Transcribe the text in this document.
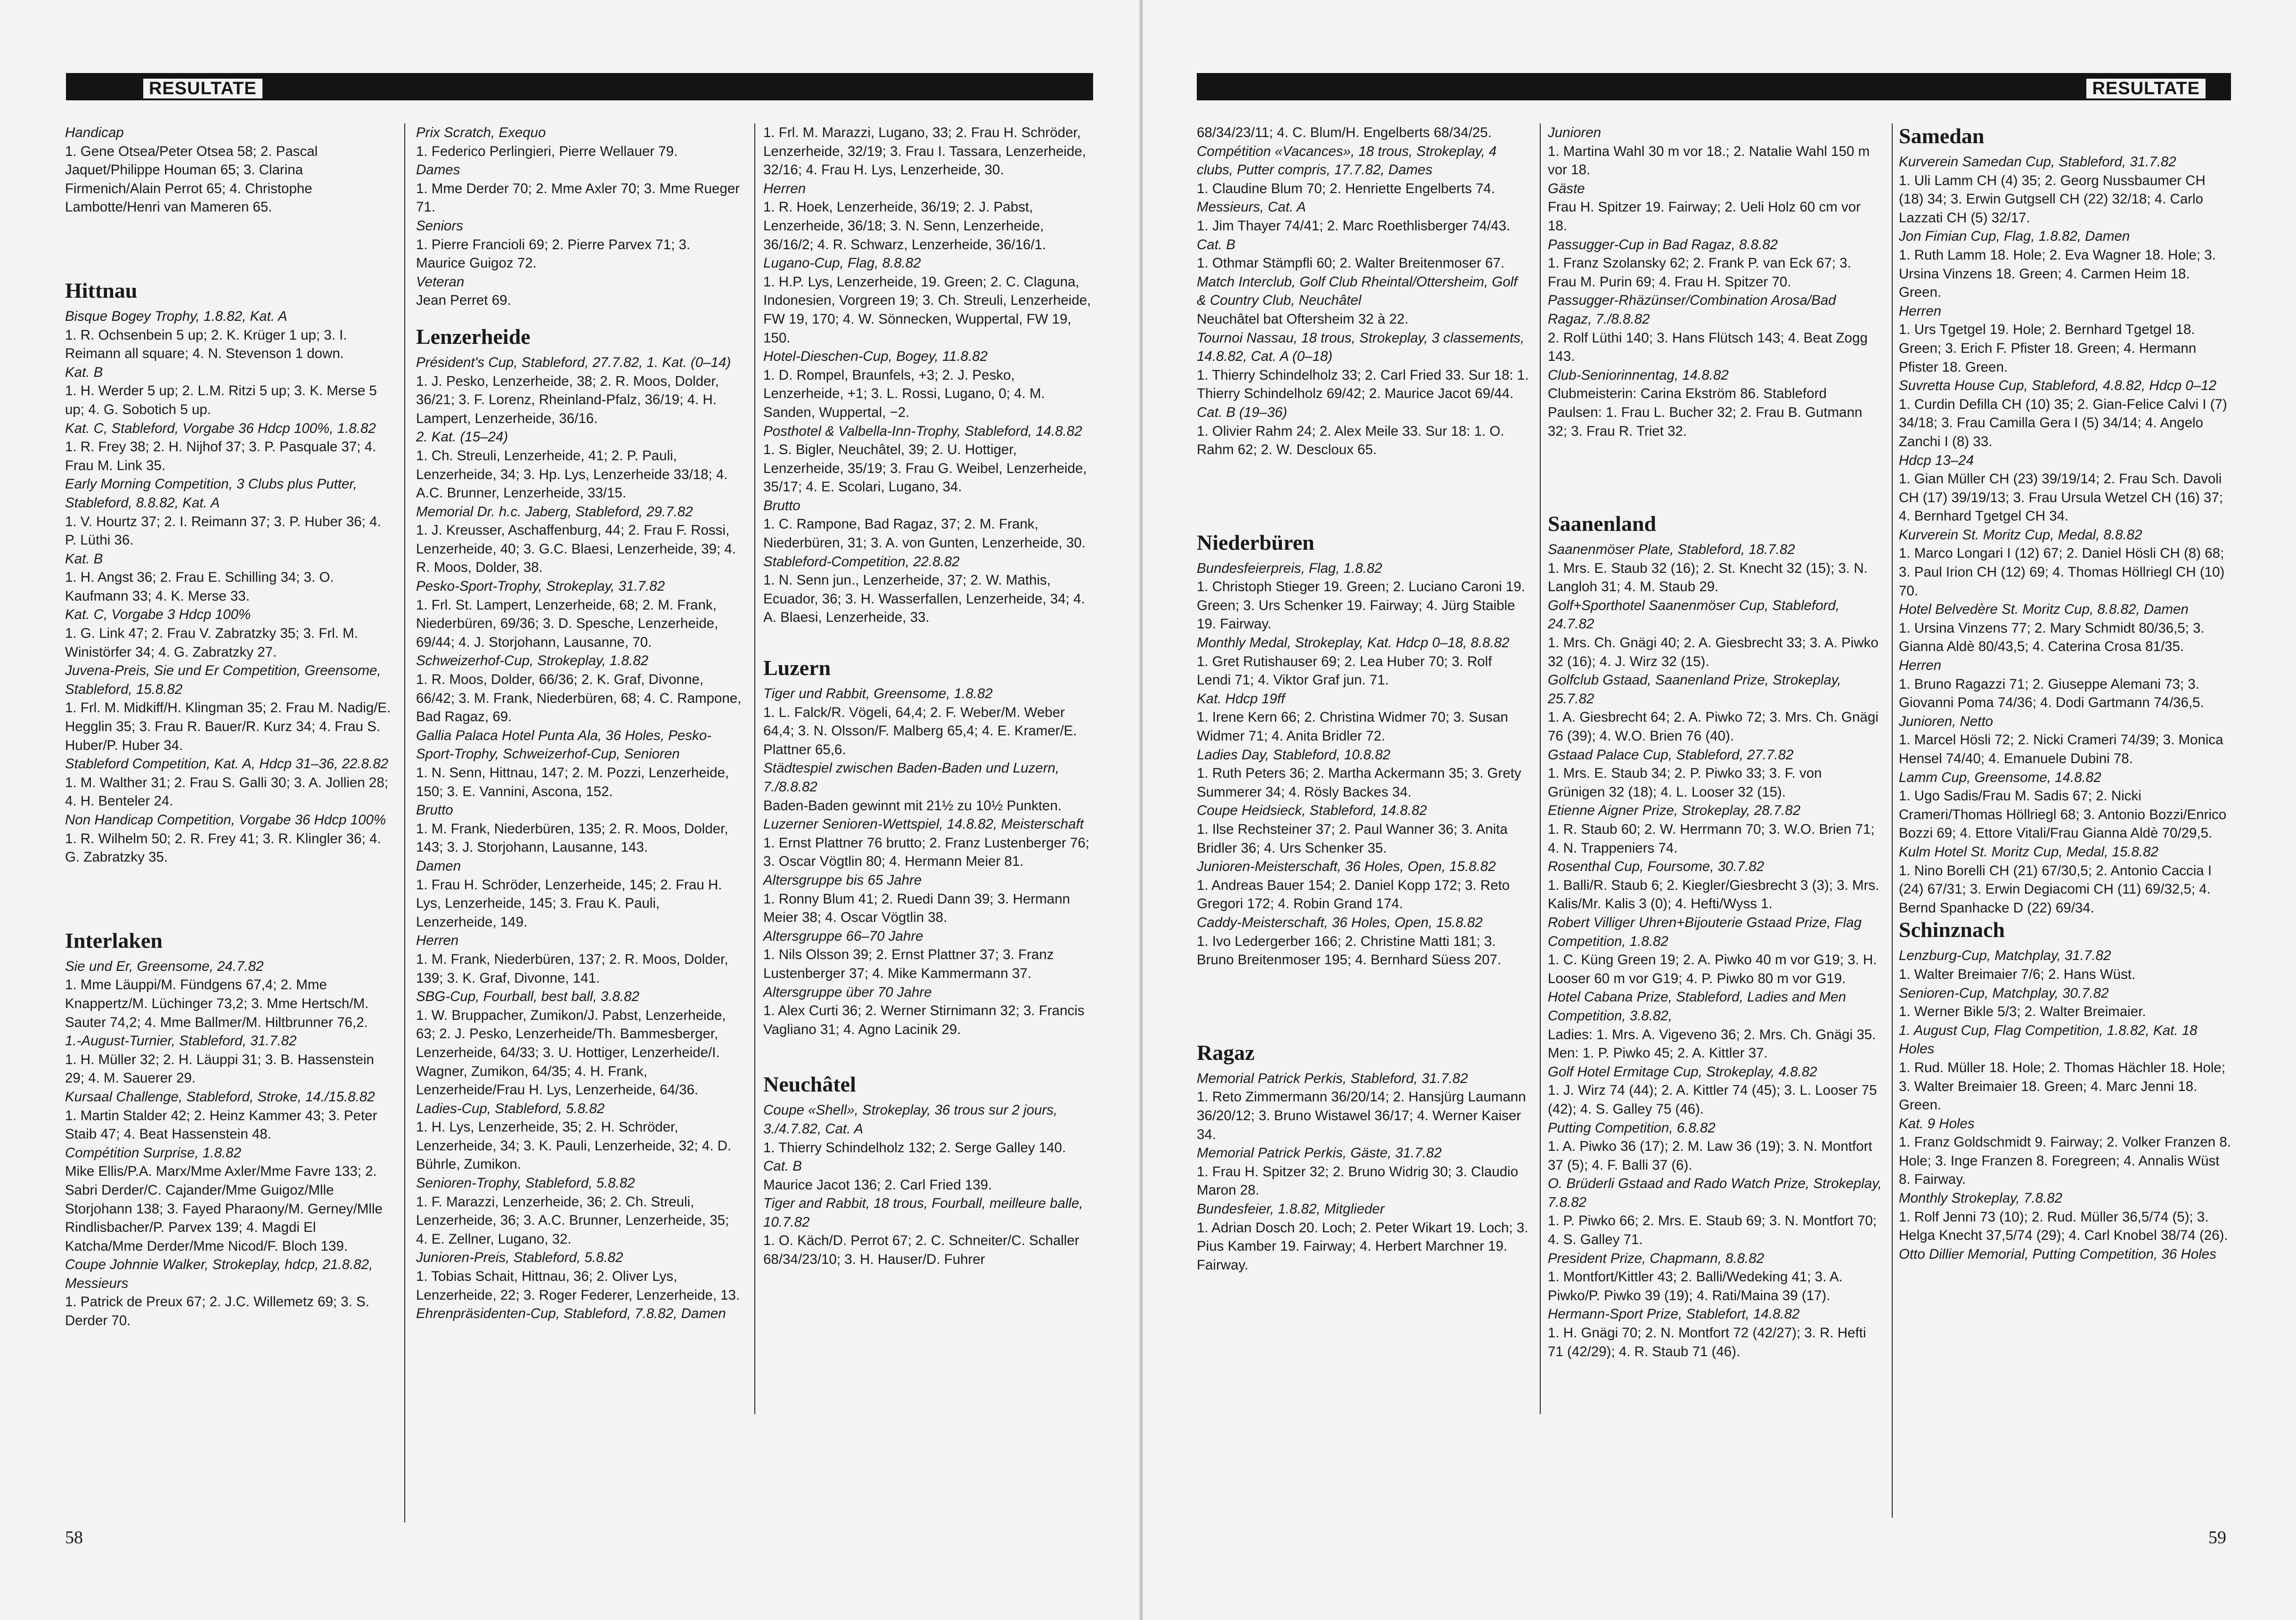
RESULTATE
Handicap
1. Gene Otsea/Peter Otsea 58; 2. Pascal Jaquet/Philippe Houman 65; 3. Clarina Firmenich/Alain Perrot 65; 4. Christophe Lambotte/Henri van Mameren 65.
Hittnau
Bisque Bogey Trophy, 1.8.82, Kat. A
1. R. Ochsenbein 5 up; 2. K. Krüger 1 up; 3. I. Reimann all square; 4. N. Stevenson 1 down.
Kat. B
1. H. Werder 5 up; 2. L.M. Ritzi 5 up; 3. K. Merse 5 up; 4. G. Sobotich 5 up.
Kat. C, Stableford, Vorgabe 36 Hdcp 100%, 1.8.82
1. R. Frey 38; 2. H. Nijhof 37; 3. P. Pasquale 37; 4. Frau M. Link 35.
Early Morning Competition, 3 Clubs plus Putter, Stableford, 8.8.82, Kat. A
1. V. Hourtz 37; 2. I. Reimann 37; 3. P. Huber 36; 4. P. Lüthi 36.
Kat. B
1. H. Angst 36; 2. Frau E. Schilling 34; 3. O. Kaufmann 33; 4. K. Merse 33.
Kat. C, Vorgabe 3 Hdcp 100%
1. G. Link 47; 2. Frau V. Zabratzky 35; 3. Frl. M. Winistörfer 34; 4. G. Zabratzky 27.
Juvena-Preis, Sie und Er Competition, Greensome, Stableford, 15.8.82
1. Frl. M. Midkiff/H. Klingman 35; 2. Frau M. Nadig/E. Hegglin 35; 3. Frau R. Bauer/R. Kurz 34; 4. Frau S. Huber/P. Huber 34.
Stableford Competition, Kat. A, Hdcp 31–36, 22.8.82
1. M. Walther 31; 2. Frau S. Galli 30; 3. A. Jollien 28; 4. H. Benteler 24.
Non Handicap Competition, Vorgabe 36 Hdcp 100%
1. R. Wilhelm 50; 2. R. Frey 41; 3. R. Klingler 36; 4. G. Zabratzky 35.
Interlaken
Sie und Er, Greensome, 24.7.82
1. Mme Läuppi/M. Fündgens 67,4; 2. Mme Knappertz/M. Lüchinger 73,2; 3. Mme Hertsch/M. Sauter 74,2; 4. Mme Ballmer/M. Hiltbrunner 76,2.
1.-August-Turnier, Stableford, 31.7.82
1. H. Müller 32; 2. H. Läuppi 31; 3. B. Hassenstein 29; 4. M. Sauerer 29.
Kursaal Challenge, Stableford, Stroke, 14./15.8.82
1. Martin Stalder 42; 2. Heinz Kammer 43; 3. Peter Staib 47; 4. Beat Hassenstein 48.
Compétition Surprise, 1.8.82
Mike Ellis/P.A. Marx/Mme Axler/Mme Favre 133; 2. Sabri Derder/C. Cajander/Mme Guigoz/Mlle Storjohann 138; 3. Fayed Pharaony/M. Gerney/Mlle Rindlisbacher/P. Parvex 139; 4. Magdi El Katcha/Mme Derder/Mme Nicod/F. Bloch 139.
Coupe Johnnie Walker, Strokeplay, hdcp, 21.8.82, Messieurs
1. Patrick de Preux 67; 2. J.C. Willemetz 69; 3. S. Derder 70.
Prix Scratch, Exequo
1. Federico Perlingieri, Pierre Wellauer 79.
Dames
1. Mme Derder 70; 2. Mme Axler 70; 3. Mme Rueger 71.
Seniors
1. Pierre Francioli 69; 2. Pierre Parvex 71; 3. Maurice Guigoz 72.
Veteran
Jean Perret 69.
Lenzerheide
Président's Cup, Stableford, 27.7.82, 1. Kat. (0–14)
1. J. Pesko, Lenzerheide, 38; 2. R. Moos, Dolder, 36/21; 3. F. Lorenz, Rheinland-Pfalz, 36/19; 4. H. Lampert, Lenzerheide, 36/16.
2. Kat. (15–24)
1. Ch. Streuli, Lenzerheide, 41; 2. P. Pauli, Lenzerheide, 34; 3. Hp. Lys, Lenzerheide 33/18; 4. A.C. Brunner, Lenzerheide, 33/15.
Memorial Dr. h.c. Jaberg, Stableford, 29.7.82
1. J. Kreusser, Aschaffenburg, 44; 2. Frau F. Rossi, Lenzerheide, 40; 3. G.C. Blaesi, Lenzerheide, 39; 4. R. Moos, Dolder, 38.
Pesko-Sport-Trophy, Strokeplay, 31.7.82
1. Frl. St. Lampert, Lenzerheide, 68; 2. M. Frank, Niederbüren, 69/36; 3. D. Spesche, Lenzerheide, 69/44; 4. J. Storjohann, Lausanne, 70.
Schweizerhof-Cup, Strokeplay, 1.8.82
1. R. Moos, Dolder, 66/36; 2. K. Graf, Divonne, 66/42; 3. M. Frank, Niederbüren, 68; 4. C. Rampone, Bad Ragaz, 69.
Gallia Palaca Hotel Punta Ala, 36 Holes, Pesko-Sport-Trophy, Schweizerhof-Cup, Senioren
1. N. Senn, Hittnau, 147; 2. M. Pozzi, Lenzerheide, 150; 3. E. Vannini, Ascona, 152.
Brutto
1. M. Frank, Niederbüren, 135; 2. R. Moos, Dolder, 143; 3. J. Storjohann, Lausanne, 143.
Damen
1. Frau H. Schröder, Lenzerheide, 145; 2. Frau H. Lys, Lenzerheide, 145; 3. Frau K. Pauli, Lenzerheide, 149.
Herren
1. M. Frank, Niederbüren, 137; 2. R. Moos, Dolder, 139; 3. K. Graf, Divonne, 141.
SBG-Cup, Fourball, best ball, 3.8.82
1. W. Bruppacher, Zumikon/J. Pabst, Lenzerheide, 63; 2. J. Pesko, Lenzerheide/Th. Bammesberger, Lenzerheide, 64/33; 3. U. Hottiger, Lenzerheide/I. Wagner, Zumikon, 64/35; 4. H. Frank, Lenzerheide/Frau H. Lys, Lenzerheide, 64/36.
Ladies-Cup, Stableford, 5.8.82
1. H. Lys, Lenzerheide, 35; 2. H. Schröder, Lenzerheide, 34; 3. K. Pauli, Lenzerheide, 32; 4. D. Bührle, Zumikon.
Senioren-Trophy, Stableford, 5.8.82
1. F. Marazzi, Lenzerheide, 36; 2. Ch. Streuli, Lenzerheide, 36; 3. A.C. Brunner, Lenzerheide, 35; 4. E. Zellner, Lugano, 32.
Junioren-Preis, Stableford, 5.8.82
1. Tobias Schait, Hittnau, 36; 2. Oliver Lys, Lenzerheide, 22; 3. Roger Federer, Lenzerheide, 13.
Ehrenpräsidenten-Cup, Stableford, 7.8.82, Damen
1. Frl. M. Marazzi, Lugano, 33; 2. Frau H. Schröder, Lenzerheide, 32/19; 3. Frau I. Tassara, Lenzerheide, 32/16; 4. Frau H. Lys, Lenzerheide, 30.
Herren
1. R. Hoek, Lenzerheide, 36/19; 2. J. Pabst, Lenzerheide, 36/18; 3. N. Senn, Lenzerheide, 36/16/2; 4. R. Schwarz, Lenzerheide, 36/16/1.
Lugano-Cup, Flag, 8.8.82
1. H.P. Lys, Lenzerheide, 19. Green; 2. C. Claguna, Indonesien, Vorgreen 19; 3. Ch. Streuli, Lenzerheide, FW 19, 170; 4. W. Sönnecken, Wuppertal, FW 19, 150.
Hotel-Dieschen-Cup, Bogey, 11.8.82
1. D. Rompel, Braunfels, +3; 2. J. Pesko, Lenzerheide, +1; 3. L. Rossi, Lugano, 0; 4. M. Sanden, Wuppertal, −2.
Posthotel & Valbella-Inn-Trophy, Stableford, 14.8.82
1. S. Bigler, Neuchâtel, 39; 2. U. Hottiger, Lenzerheide, 35/19; 3. Frau G. Weibel, Lenzerheide, 35/17; 4. E. Scolari, Lugano, 34.
Brutto
1. C. Rampone, Bad Ragaz, 37; 2. M. Frank, Niederbüren, 31; 3. A. von Gunten, Lenzerheide, 30.
Stableford-Competition, 22.8.82
1. N. Senn jun., Lenzerheide, 37; 2. W. Mathis, Ecuador, 36; 3. H. Wasserfallen, Lenzerheide, 34; 4. A. Blaesi, Lenzerheide, 33.
Luzern
Tiger und Rabbit, Greensome, 1.8.82
1. L. Falck/R. Vögeli, 64,4; 2. F. Weber/M. Weber 64,4; 3. N. Olsson/F. Malberg 65,4; 4. E. Kramer/E. Plattner 65,6.
Städtespiel zwischen Baden-Baden und Luzern, 7./8.8.82
Baden-Baden gewinnt mit 21½ zu 10½ Punkten.
Luzerner Senioren-Wettspiel, 14.8.82, Meisterschaft
1. Ernst Plattner 76 brutto; 2. Franz Lustenberger 76; 3. Oscar Vögtlin 80; 4. Hermann Meier 81.
Altersgruppe bis 65 Jahre
1. Ronny Blum 41; 2. Ruedi Dann 39; 3. Hermann Meier 38; 4. Oscar Vögtlin 38.
Altersgruppe 66–70 Jahre
1. Nils Olsson 39; 2. Ernst Plattner 37; 3. Franz Lustenberger 37; 4. Mike Kammermann 37.
Altersgruppe über 70 Jahre
1. Alex Curti 36; 2. Werner Stirnimann 32; 3. Francis Vagliano 31; 4. Agno Lacinik 29.
Neuchâtel
Coupe «Shell», Strokeplay, 36 trous sur 2 jours, 3./4.7.82, Cat. A
1. Thierry Schindelholz 132; 2. Serge Galley 140.
Cat. B
Maurice Jacot 136; 2. Carl Fried 139.
Tiger and Rabbit, 18 trous, Fourball, meilleure balle, 10.7.82
1. O. Käch/D. Perrot 67; 2. C. Schneiter/C. Schaller 68/34/23/10; 3. H. Hauser/D. Fuhrer
58
RESULTATE
68/34/23/11; 4. C. Blum/H. Engelberts 68/34/25.
Compétition «Vacances», 18 trous, Strokeplay, 4 clubs, Putter compris, 17.7.82, Dames
1. Claudine Blum 70; 2. Henriette Engelberts 74.
Messieurs, Cat. A
1. Jim Thayer 74/41; 2. Marc Roethlisberger 74/43.
Cat. B
1. Othmar Stämpfli 60; 2. Walter Breitenmoser 67.
Match Interclub, Golf Club Rheintal/Ottersheim, Golf & Country Club, Neuchâtel
Neuchâtel bat Oftersheim 32 à 22.
Tournoi Nassau, 18 trous, Strokeplay, 3 classements, 14.8.82, Cat. A (0–18)
1. Thierry Schindelholz 33; 2. Carl Fried 33. Sur 18: 1. Thierry Schindelholz 69/42; 2. Maurice Jacot 69/44.
Cat. B (19–36)
1. Olivier Rahm 24; 2. Alex Meile 33. Sur 18: 1. O. Rahm 62; 2. W. Descloux 65.
Niederbüren
Bundesfeierpreis, Flag, 1.8.82
1. Christoph Stieger 19. Green; 2. Luciano Caroni 19. Green; 3. Urs Schenker 19. Fairway; 4. Jürg Staible 19. Fairway.
Monthly Medal, Strokeplay, Kat. Hdcp 0–18, 8.8.82
1. Gret Rutishauser 69; 2. Lea Huber 70; 3. Rolf Lendi 71; 4. Viktor Graf jun. 71.
Kat. Hdcp 19ff
1. Irene Kern 66; 2. Christina Widmer 70; 3. Susan Widmer 71; 4. Anita Bridler 72.
Ladies Day, Stableford, 10.8.82
1. Ruth Peters 36; 2. Martha Ackermann 35; 3. Grety Summerer 34; 4. Rösly Backes 34.
Coupe Heidsieck, Stableford, 14.8.82
1. Ilse Rechsteiner 37; 2. Paul Wanner 36; 3. Anita Bridler 36; 4. Urs Schenker 35.
Junioren-Meisterschaft, 36 Holes, Open, 15.8.82
1. Andreas Bauer 154; 2. Daniel Kopp 172; 3. Reto Gregori 172; 4. Robin Grand 174.
Caddy-Meisterschaft, 36 Holes, Open, 15.8.82
1. Ivo Ledergerber 166; 2. Christine Matti 181; 3. Bruno Breitenmoser 195; 4. Bernhard Süess 207.
Ragaz
Memorial Patrick Perkis, Stableford, 31.7.82
1. Reto Zimmermann 36/20/14; 2. Hansjürg Laumann 36/20/12; 3. Bruno Wistawel 36/17; 4. Werner Kaiser 34.
Memorial Patrick Perkis, Gäste, 31.7.82
1. Frau H. Spitzer 32; 2. Bruno Widrig 30; 3. Claudio Maron 28.
Bundesfeier, 1.8.82, Mitglieder
1. Adrian Dosch 20. Loch; 2. Peter Wikart 19. Loch; 3. Pius Kamber 19. Fairway; 4. Herbert Marchner 19. Fairway.
Junioren
1. Martina Wahl 30 m vor 18.; 2. Natalie Wahl 150 m vor 18.
Gäste
Frau H. Spitzer 19. Fairway; 2. Ueli Holz 60 cm vor 18.
Passugger-Cup in Bad Ragaz, 8.8.82
1. Franz Szolansky 62; 2. Frank P. van Eck 67; 3. Frau M. Purin 69; 4. Frau H. Spitzer 70.
Passugger-Rhäzünser/Combination Arosa/Bad Ragaz, 7./8.8.82
2. Rolf Lüthi 140; 3. Hans Flütsch 143; 4. Beat Zogg 143.
Club-Seniorinnentag, 14.8.82
Clubmeisterin: Carina Ekström 86. Stableford Paulsen: 1. Frau L. Bucher 32; 2. Frau B. Gutmann 32; 3. Frau R. Triet 32.
Saanenland
Saanenmöser Plate, Stableford, 18.7.82
1. Mrs. E. Staub 32 (16); 2. St. Knecht 32 (15); 3. N. Langloh 31; 4. M. Staub 29.
Golf+Sporthotel Saanenmöser Cup, Stableford, 24.7.82
1. Mrs. Ch. Gnägi 40; 2. A. Giesbrecht 33; 3. A. Piwko 32 (16); 4. J. Wirz 32 (15).
Golfclub Gstaad, Saanenland Prize, Strokeplay, 25.7.82
1. A. Giesbrecht 64; 2. A. Piwko 72; 3. Mrs. Ch. Gnägi 76 (39); 4. W.O. Brien 76 (40).
Gstaad Palace Cup, Stableford, 27.7.82
1. Mrs. E. Staub 34; 2. P. Piwko 33; 3. F. von Grünigen 32 (18); 4. L. Looser 32 (15).
Etienne Aigner Prize, Strokeplay, 28.7.82
1. R. Staub 60; 2. W. Herrmann 70; 3. W.O. Brien 71; 4. N. Trappeniers 74.
Rosenthal Cup, Foursome, 30.7.82
1. Balli/R. Staub 6; 2. Kiegler/Giesbrecht 3 (3); 3. Mrs. Kalis/Mr. Kalis 3 (0); 4. Hefti/Wyss 1.
Robert Villiger Uhren+Bijouterie Gstaad Prize, Flag Competition, 1.8.82
1. C. Küng Green 19; 2. A. Piwko 40 m vor G19; 3. H. Looser 60 m vor G19; 4. P. Piwko 80 m vor G19.
Hotel Cabana Prize, Stableford, Ladies and Men Competition, 3.8.82,
Ladies: 1. Mrs. A. Vigeveno 36; 2. Mrs. Ch. Gnägi 35. Men: 1. P. Piwko 45; 2. A. Kittler 37.
Golf Hotel Ermitage Cup, Strokeplay, 4.8.82
1. J. Wirz 74 (44); 2. A. Kittler 74 (45); 3. L. Looser 75 (42); 4. S. Galley 75 (46).
Putting Competition, 6.8.82
1. A. Piwko 36 (17); 2. M. Law 36 (19); 3. N. Montfort 37 (5); 4. F. Balli 37 (6).
O. Brüderli Gstaad and Rado Watch Prize, Strokeplay, 7.8.82
1. P. Piwko 66; 2. Mrs. E. Staub 69; 3. N. Montfort 70; 4. S. Galley 71.
President Prize, Chapmann, 8.8.82
1. Montfort/Kittler 43; 2. Balli/Wedeking 41; 3. A. Piwko/P. Piwko 39 (19); 4. Rati/Maina 39 (17).
Hermann-Sport Prize, Stablefort, 14.8.82
1. H. Gnägi 70; 2. N. Montfort 72 (42/27); 3. R. Hefti 71 (42/29); 4. R. Staub 71 (46).
Samedan
Kurverein Samedan Cup, Stableford, 31.7.82
1. Uli Lamm CH (4) 35; 2. Georg Nussbaumer CH (18) 34; 3. Erwin Gutgsell CH (22) 32/18; 4. Carlo Lazzati CH (5) 32/17.
Jon Fimian Cup, Flag, 1.8.82, Damen
1. Ruth Lamm 18. Hole; 2. Eva Wagner 18. Hole; 3. Ursina Vinzens 18. Green; 4. Carmen Heim 18. Green.
Herren
1. Urs Tgetgel 19. Hole; 2. Bernhard Tgetgel 18. Green; 3. Erich F. Pfister 18. Green; 4. Hermann Pfister 18. Green.
Suvretta House Cup, Stableford, 4.8.82, Hdcp 0–12
1. Curdin Defilla CH (10) 35; 2. Gian-Felice Calvi I (7) 34/18; 3. Frau Camilla Gera I (5) 34/14; 4. Angelo Zanchi I (8) 33.
Hdcp 13–24
1. Gian Müller CH (23) 39/19/14; 2. Frau Sch. Davoli CH (17) 39/19/13; 3. Frau Ursula Wetzel CH (16) 37; 4. Bernhard Tgetgel CH 34.
Kurverein St. Moritz Cup, Medal, 8.8.82
1. Marco Longari I (12) 67; 2. Daniel Hösli CH (8) 68; 3. Paul Irion CH (12) 69; 4. Thomas Höllriegl CH (10) 70.
Hotel Belvedère St. Moritz Cup, 8.8.82, Damen
1. Ursina Vinzens 77; 2. Mary Schmidt 80/36,5; 3. Gianna Aldè 80/43,5; 4. Caterina Crosa 81/35.
Herren
1. Bruno Ragazzi 71; 2. Giuseppe Alemani 73; 3. Giovanni Poma 74/36; 4. Dodi Gartmann 74/36,5.
Junioren, Netto
1. Marcel Hösli 72; 2. Nicki Crameri 74/39; 3. Monica Hensel 74/40; 4. Emanuele Dubini 78.
Lamm Cup, Greensome, 14.8.82
1. Ugo Sadis/Frau M. Sadis 67; 2. Nicki Crameri/Thomas Höllriegl 68; 3. Antonio Bozzi/Enrico Bozzi 69; 4. Ettore Vitali/Frau Gianna Aldè 70/29,5.
Kulm Hotel St. Moritz Cup, Medal, 15.8.82
1. Nino Borelli CH (21) 67/30,5; 2. Antonio Caccia I (24) 67/31; 3. Erwin Degiacomi CH (11) 69/32,5; 4. Bernd Spanhacke D (22) 69/34.
Schinznach
Lenzburg-Cup, Matchplay, 31.7.82
1. Walter Breimaier 7/6; 2. Hans Wüst.
Senioren-Cup, Matchplay, 30.7.82
1. Werner Bikle 5/3; 2. Walter Breimaier.
1. August Cup, Flag Competition, 1.8.82, Kat. 18 Holes
1. Rud. Müller 18. Hole; 2. Thomas Hächler 18. Hole; 3. Walter Breimaier 18. Green; 4. Marc Jenni 18. Green.
Kat. 9 Holes
1. Franz Goldschmidt 9. Fairway; 2. Volker Franzen 8. Hole; 3. Inge Franzen 8. Foregreen; 4. Annalis Wüst 8. Fairway.
Monthly Strokeplay, 7.8.82
1. Rolf Jenni 73 (10); 2. Rud. Müller 36,5/74 (5); 3. Helga Knecht 37,5/74 (29); 4. Carl Knobel 38/74 (26).
Otto Dillier Memorial, Putting Competition, 36 Holes
59
